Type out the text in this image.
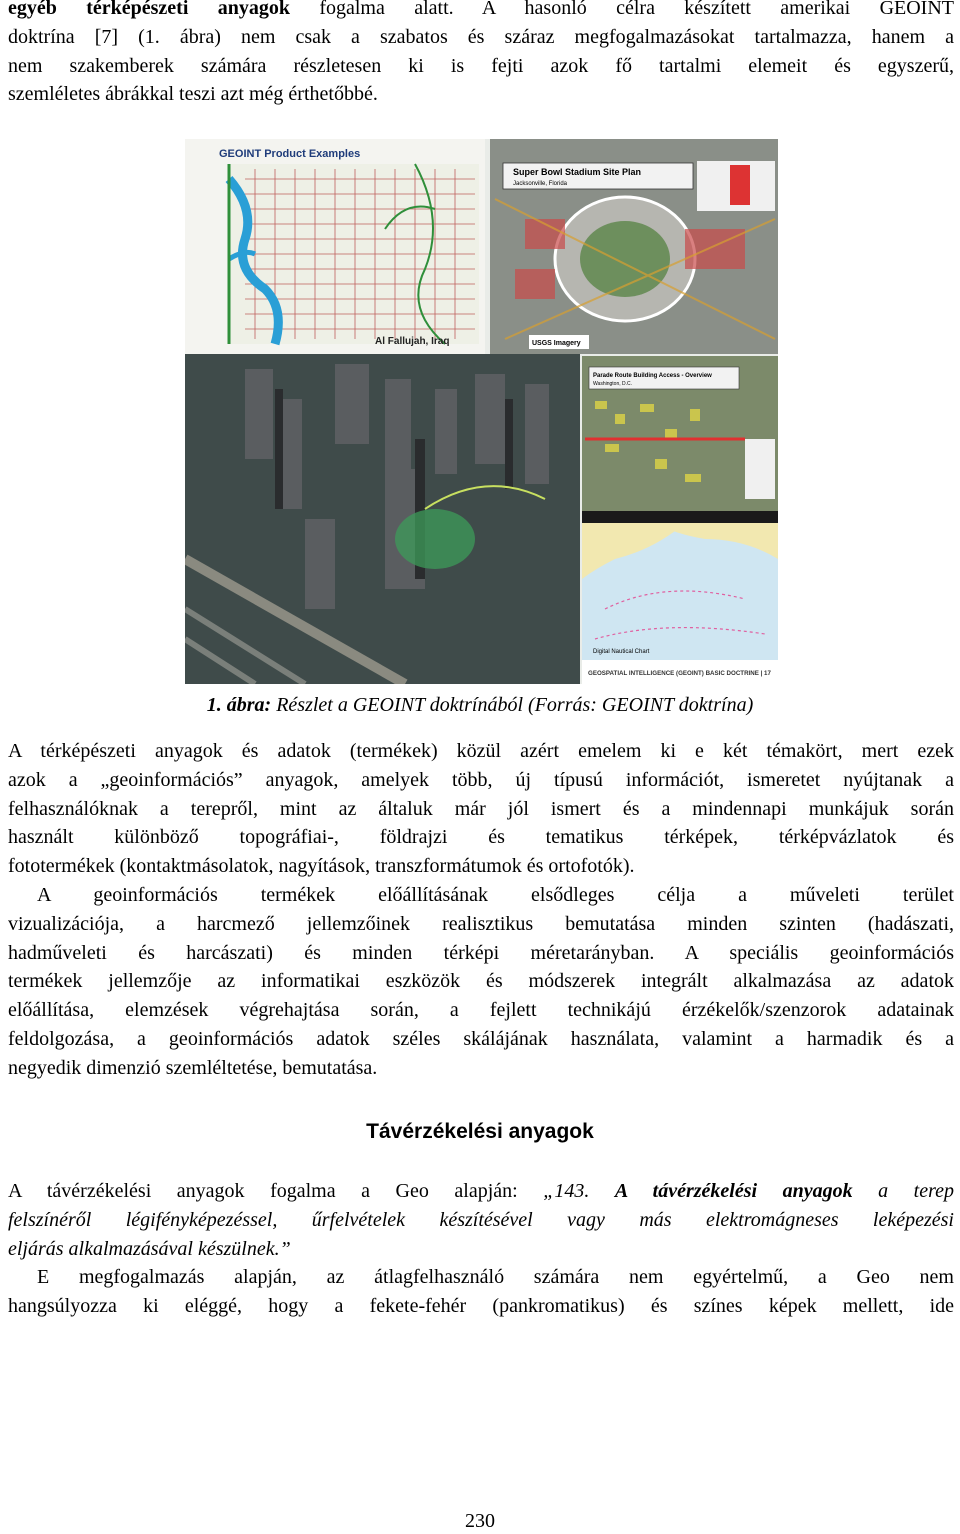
egyéb térképészeti anyagok fogalma alatt. A hasonló célra készített amerikai GEOINT
doktrína [7] (1. ábra) nem csak a szabatos és száraz megfogalmazásokat tartalmazza, hanem a
nem szakemberek számára részletesen ki is fejti azok fő tartalmi elemeit és egyszerű,
szemléletes ábrákkal teszi azt még érthetőbbé.
GEOINT Product Examples
Al Fallujah, Iraq
Super Bowl Stadium Site Plan
Jacksonville, Florida
USGS Imagery
Parade Route Building Access - Overview
Washington, D.C.
Digital Nautical Chart
GEOSPATIAL INTELLIGENCE (GEOINT) BASIC DOCTRINE | 17
1. ábra: Részlet a GEOINT doktrínából (Forrás: GEOINT doktrína)
A térképészeti anyagok és adatok (termékek) közül azért emelem ki e két témakört, mert ezek
azok a „geoinformációs” anyagok, amelyek több, új típusú információt, ismeretet nyújtanak a
felhasználóknak a terepről, mint az általuk már jól ismert és a mindennapi munkájuk során
használt különböző topográfiai-, földrajzi és tematikus térképek, térképvázlatok és
fototermékek (kontaktmásolatok, nagyítások, transzformátumok és ortofotók).
A geoinformációs termékek előállításának elsődleges célja a műveleti terület
vizualizációja, a harcmező jellemzőinek realisztikus bemutatása minden szinten (hadászati,
hadműveleti és harcászati) és minden térképi méretarányban. A speciális geoinformációs
termékek jellemzője az informatikai eszközök és módszerek integrált alkalmazása az adatok
előállítása, elemzések végrehajtása során, a fejlett technikájú érzékelők/szenzorok adatainak
feldolgozása, a geoinformációs adatok széles skálájának használata, valamint a harmadik és a
negyedik dimenzió szemléltetése, bemutatása.
Távérzékelési anyagok
A távérzékelési anyagok fogalma a Geo alapján: „143. A távérzékelési anyagok a terep
felszínéről légifényképezéssel, űrfelvételek készítésével vagy más elektromágneses leképezési
eljárás alkalmazásával készülnek.”
E megfogalmazás alapján, az átlagfelhasználó számára nem egyértelmű, a Geo nem
hangsúlyozza ki eléggé, hogy a fekete-fehér (pankromatikus) és színes képek mellett, ide
230
